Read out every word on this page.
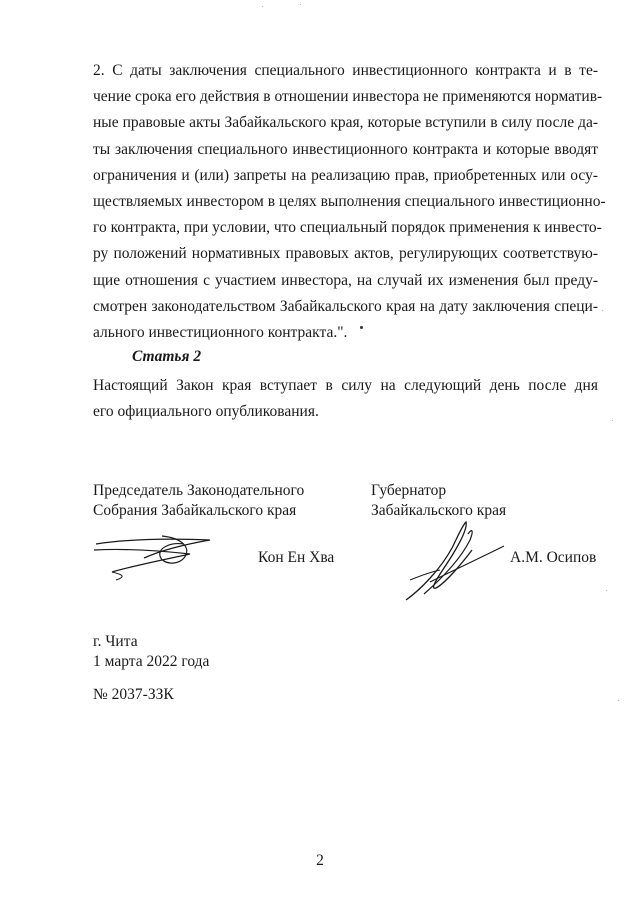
2. С даты заключения специального инвестиционного контракта и в те-
чение срока его действия в отношении инвестора не применяются норматив-
ные правовые акты Забайкальского края, которые вступили в силу после да-
ты заключения специального инвестиционного контракта и которые вводят
ограничения и (или) запреты на реализацию прав, приобретенных или осу-
ществляемых инвестором в целях выполнения специального инвестиционно-
го контракта, при условии, что специальный порядок применения к инвесто-
ру положений нормативных правовых актов, регулирующих соответствую-
щие отношения с участием инвестора, на случай их изменения был преду-
смотрен законодательством Забайкальского края на дату заключения специ-
ального инвестиционного контракта.".

Статья 2

Настоящий Закон края вступает в силу на следующий день после дня
его официального опубликования.
Председатель Законодательного
Собрания Забайкальского края
Губернатор
Забайкальского края

Кон Ен Хва	А.М. Осипов

г. Чита
1 марта 2022 года

№ 2037-ЗЗК

2
